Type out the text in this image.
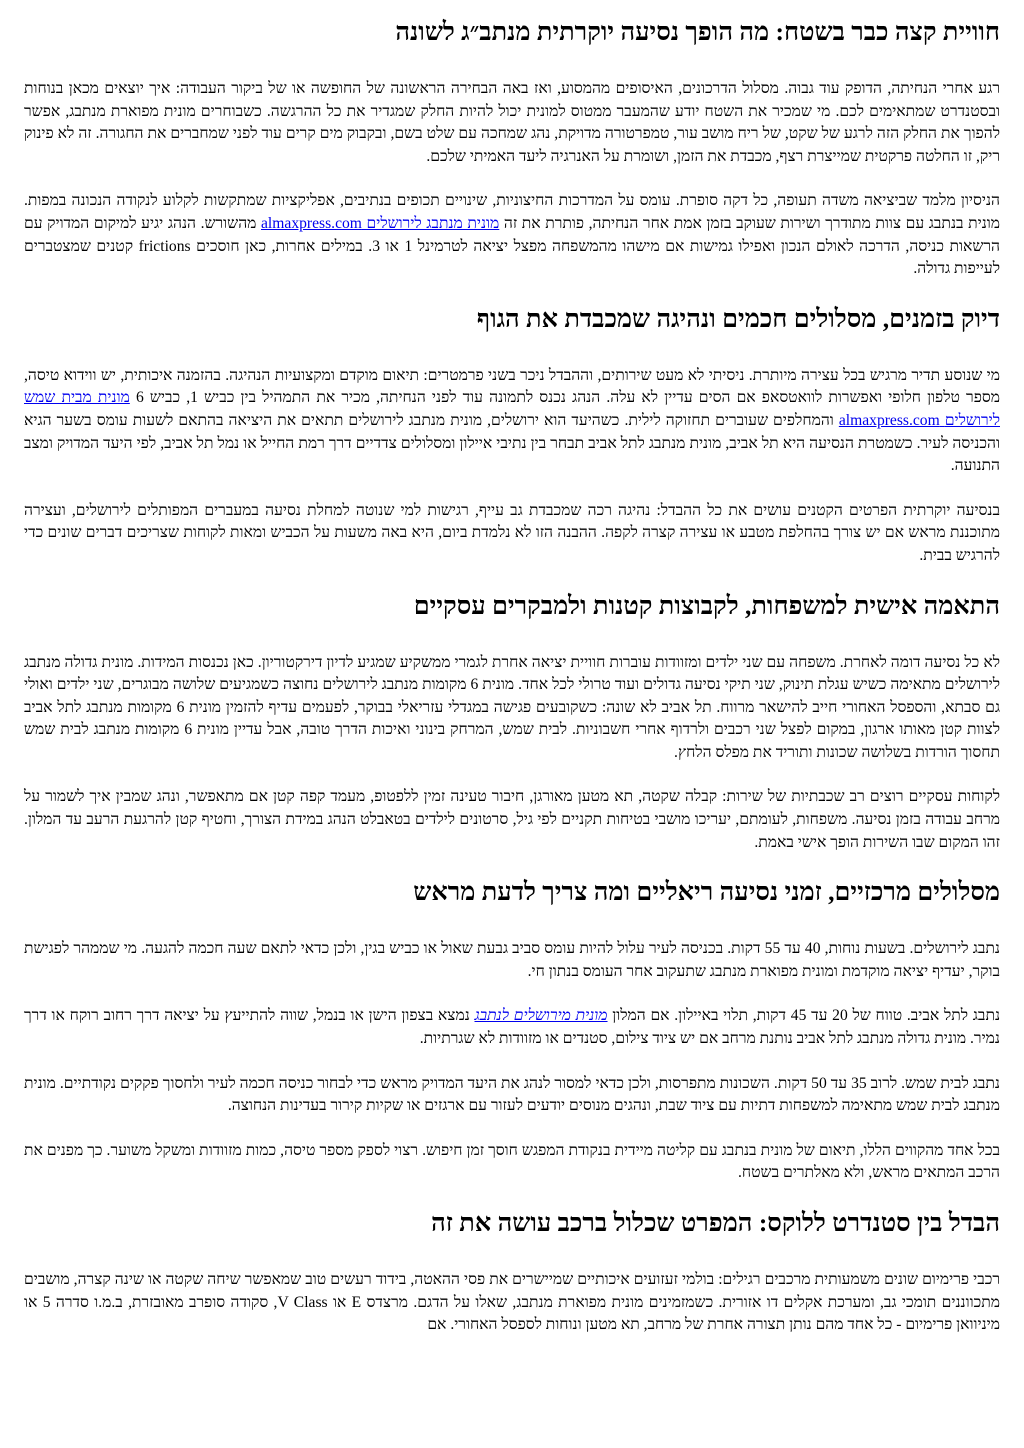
חוויית קצה כבר בשטח: מה הופך נסיעה יוקרתית מנתב״ג לשונה

רגע אחרי הנחיתה, הדופק עוד גבוה. מסלול הדרכונים, האיסופים מהמסוע, ואז באה הבחירה הראשונה של החופשה או של ביקור העבודה: איך יוצאים מכאן בנוחות ובסטנדרט שמתאימים לכם. מי שמכיר את השטח יודע שהמעבר ממטוס למונית יכול להיות החלק שמגדיר את כל ההרגשה. כשבוחרים מונית מפוארת מנתבג, אפשר להפוך את החלק הזה לרגע של שקט, של ריח מושב עור, טמפרטורה מדויקת, נהג שמחכה עם שלט בשם, ובקבוק מים קרים עוד לפני שמחברים את החגורה. זה לא פינוק ריק, זו החלטה פרקטית שמייצרת רצף, מכבדת את הזמן, ושומרת על האנרגיה ליעד האמיתי שלכם.

הניסיון מלמד שביציאה משדה תעופה, כל דקה סופרת. עומס על המדרכות החיצוניות, שינויים תכופים בנתיבים, אפליקציות שמתקשות לקלוע לנקודה הנכונה במפות. מונית בנתבג עם צוות מתודרך ושירות שעוקב בזמן אמת אחר הנחיתה, פותרת את זה מונית מנתבג לירושלים almaxpress.com מהשורש. הנהג יגיע למיקום המדויק עם הרשאות כניסה, הדרכה לאולם הנכון ואפילו גמישות אם מישהו מהמשפחה מפצל יציאה לטרמינל 1 או 3. במילים אחרות, כאן חוסכים frictions קטנים שמצטברים לעייפות גדולה.

דיוק בזמנים, מסלולים חכמים ונהיגה שמכבדת את הגוף

מי שנוסע תדיר מרגיש בכל עצירה מיותרת. ניסיתי לא מעט שירותים, וההבדל ניכר בשני פרמטרים: תיאום מוקדם ומקצועיות הנהיגה. בהזמנה איכותית, יש ווידוא טיסה, מספר טלפון חלופי ואפשרות לוואטסאפ אם הסים עדיין לא עלה. הנהג נכנס לתמונה עוד לפני הנחיתה, מכיר את התמהיל בין כביש 1, כביש 6 מונית מבית שמש לירושלים almaxpress.com והמחלפים שעוברים תחזוקה לילית. כשהיעד הוא ירושלים, מונית מנתבג לירושלים תתאים את היציאה בהתאם לשעות עומס בשער הגיא והכניסה לעיר. כשמטרת הנסיעה היא תל אביב, מונית מנתבג לתל אביב תבחר בין נתיבי איילון ומסלולים צדדיים דרך רמת החייל או נמל תל אביב, לפי היעד המדויק ומצב התנועה.

בנסיעה יוקרתית הפרטים הקטנים עושים את כל ההבדל: נהיגה רכה שמכבדת גב עייף, רגישות למי שנוטה למחלת נסיעה במעברים המפותלים לירושלים, ועצירה מתוכננת מראש אם יש צורך בהחלפת מטבע או עצירה קצרה לקפה. ההבנה הזו לא נלמדת ביום, היא באה משעות על הכביש ומאות לקוחות שצריכים דברים שונים כדי להרגיש בבית.

התאמה אישית למשפחות, לקבוצות קטנות ולמבקרים עסקיים

לא כל נסיעה דומה לאחרת. משפחה עם שני ילדים ומזוודות עוברות חוויית יציאה אחרת לגמרי ממשקיע שמגיע לדיון דירקטוריון. כאן נכנסות המידות. מונית גדולה מנתבג לירושלים מתאימה כשיש עגלת תינוק, שני תיקי נסיעה גדולים ועוד טרולי לכל אחד. מונית 6 מקומות מנתבג לירושלים נחוצה כשמגיעים שלושה מבוגרים, שני ילדים ואולי גם סבתא, והספסל האחורי חייב להישאר מרווח. תל אביב לא שונה: כשקובעים פגישה במגדלי עזריאלי בבוקר, לפעמים עדיף להזמין מונית 6 מקומות מנתבג לתל אביב לצוות קטן מאותו ארגון, במקום לפצל שני רכבים ולרדוף אחרי חשבוניות. לבית שמש, המרחק בינוני ואיכות הדרך טובה, אבל עדיין מונית 6 מקומות מנתבג לבית שמש תחסוך הורדות בשלושה שכונות ותוריד את מפלס הלחץ.

לקוחות עסקיים רוצים רב שכבתיות של שירות: קבלה שקטה, תא מטען מאורגן, חיבור טעינה זמין ללפטופ, מעמד קפה קטן אם מתאפשר, ונהג שמבין איך לשמור על מרחב עבודה בזמן נסיעה. משפחות, לעומתם, יעריכו מושבי בטיחות תקניים לפי גיל, סרטונים לילדים בטאבלט הנהג במידת הצורך, וחטיף קטן להרגעת הרעב עד המלון. זהו המקום שבו השירות הופך אישי באמת.

מסלולים מרכזיים, זמני נסיעה ריאליים ומה צריך לדעת מראש

נתבג לירושלים. בשעות נוחות, 40 עד 55 דקות. בכניסה לעיר עלול להיות עומס סביב גבעת שאול או כביש בגין, ולכן כדאי לתאם שעה חכמה להגעה. מי שממהר לפגישת בוקר, יעדיף יציאה מוקדמת ומונית מפוארת מנתבג שתעקוב אחר העומס בנתון חי.

נתבג לתל אביב. טווח של 20 עד 45 דקות, תלוי באיילון. אם המלון מונית מירושלים לנתבג נמצא בצפון הישן או בנמל, שווה להתייעץ על יציאה דרך רחוב רוקח או דרך נמיר. מונית גדולה מנתבג לתל אביב נותנת מרחב אם יש ציוד צילום, סטנדים או מזוודות לא שגרתיות.

נתבג לבית שמש. לרוב 35 עד 50 דקות. השכונות מתפרסות, ולכן כדאי למסור לנהג את היעד המדויק מראש כדי לבחור כניסה חכמה לעיר ולחסוך פקקים נקודתיים. מונית מנתבג לבית שמש מתאימה למשפחות דתיות עם ציוד שבת, ונהגים מנוסים יודעים לעזור עם ארגזים או שקיות קירור בעדינות הנחוצה.

בכל אחד מהקווים הללו, תיאום של מונית בנתבג עם קליטה מיידית בנקודת המפגש חוסך זמן חיפוש. רצוי לספק מספר טיסה, כמות מזוודות ומשקל משוער. כך מפנים את הרכב המתאים מראש, ולא מאלתרים בשטח.

הבדל בין סטנדרט ללוקס: המפרט שכלול ברכב עושה את זה

רכבי פרימיום שונים משמעותית מרכבים רגילים: בולמי זעזועים איכותיים שמיישרים את פסי ההאטה, בידוד רעשים טוב שמאפשר שיחה שקטה או שינה קצרה, מושבים מתכווננים תומכי גב, ומערכת אקלים דו אזורית. כשמזמינים מונית מפוארת מנתבג, שאלו על הדגם. מרצדס E או V Class, סקודה סופרב מאובזרת, ב.מ.ו סדרה 5 או מיניוואן פרימיום - כל אחד מהם נותן תצורה אחרת של מרחב, תא מטען ונוחות לספסל האחורי. אם
